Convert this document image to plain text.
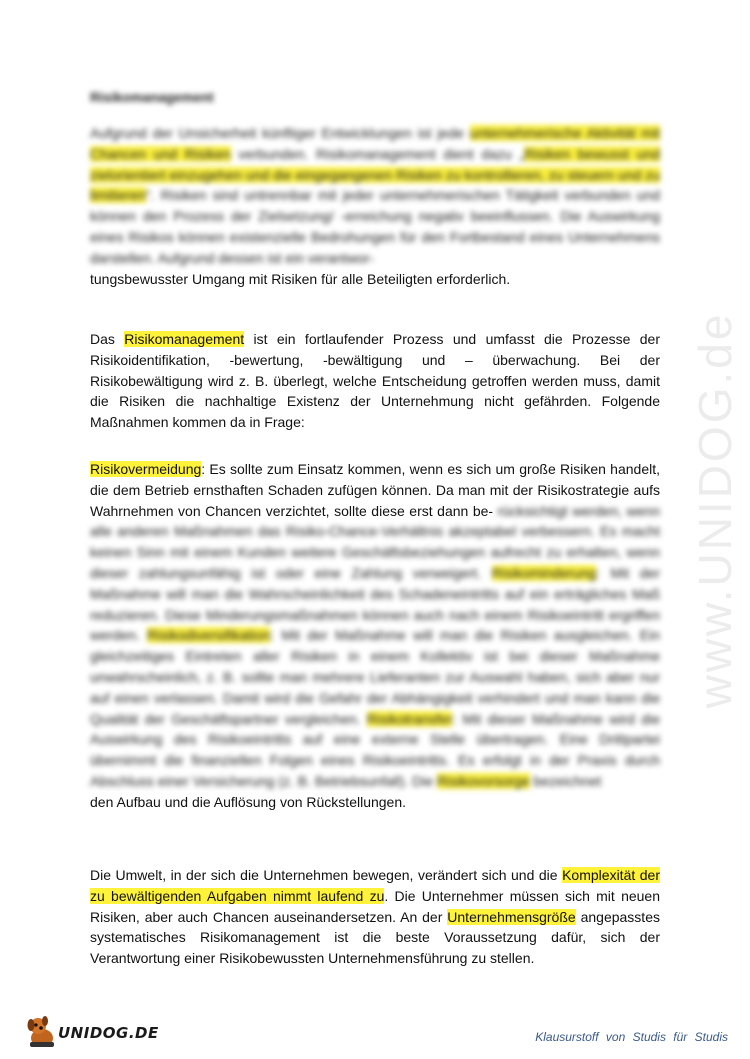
www.UNIDOG.de
Risikomanagement

Aufgrund der Unsicherheit künftiger Entwicklungen ist jede unternehmerische Aktivität mit Chancen und Risiken verbunden. Risikomanagement dient dazu „Risiken bewusst und zielorientiert einzugehen und die eingegangenen Risiken zu kontrollieren, zu steuern und zu limitieren“. Risiken sind untrennbar mit jeder unternehmerischen Tätigkeit verbunden und können den Prozess der Zielsetzung/ -erreichung negativ beeinflussen. Die Auswirkung eines Risikos können existenzielle Bedrohungen für den Fortbestand eines Unternehmens darstellen. Aufgrund dessen ist ein verantwor-
tungsbewusster Umgang mit Risiken für alle Beteiligten erforderlich.

Das Risikomanagement ist ein fortlaufender Prozess und umfasst die Prozesse der Risikoidentifikation, -bewertung, -bewältigung und – überwachung. Bei der Risikobewältigung wird z. B. überlegt, welche Entscheidung getroffen werden muss, damit die Risiken die nachhaltige Existenz der Unternehmung nicht gefährden. Folgende Maßnahmen kommen da in Frage:

Risikovermeidung: Es sollte zum Einsatz kommen, wenn es sich um große Risiken handelt, die dem Betrieb ernsthaften Schaden zufügen können. Da man mit der Risikostrategie aufs Wahrnehmen von Chancen verzichtet, sollte diese erst dann be- rücksichtigt werden, wenn alle anderen Maßnahmen das Risiko-Chance-Verhältnis akzeptabel verbessern. Es macht keinen Sinn mit einem Kunden weitere Geschäftsbeziehungen aufrecht zu erhalten, wenn dieser zahlungsunfähig ist oder eine Zahlung verweigert. Risikominderung: Mit der Maßnahme will man die Wahrscheinlichkeit des Schadeneintritts auf ein erträgliches Maß reduzieren. Diese Minderungsmaßnahmen können auch nach einem Risikoeintritt ergriffen werden. Risikodiversifikation: Mit der Maßnahme will man die Risiken ausgleichen. Ein gleichzeitiges Eintreten aller Risiken in einem Kollektiv ist bei dieser Maßnahme unwahrscheinlich, z. B. sollte man mehrere Lieferanten zur Auswahl haben, sich aber nur auf einen verlassen. Damit wird die Gefahr der Abhängigkeit verhindert und man kann die Qualität der Geschäftspartner vergleichen. Risikotransfer: Mit dieser Maßnahme wird die Auswirkung des Risikoeintritts auf eine externe Stelle übertragen. Eine Drittpartei übernimmt die finanziellen Folgen eines Risikoeintritts. Es erfolgt in der Praxis durch Abschluss einer Versicherung (z. B. Betriebsunfall). Die Risikovorsorge bezeichnet
den Aufbau und die Auflösung von Rückstellungen.

Die Umwelt, in der sich die Unternehmen bewegen, verändert sich und die Komplexität der zu bewältigenden Aufgaben nimmt laufend zu. Die Unternehmer müssen sich mit neuen Risiken, aber auch Chancen auseinandersetzen. An der Unternehmensgröße angepasstes systematisches Risikomanagement ist die beste Voraussetzung dafür, sich der Verantwortung einer Risikobewussten Unternehmensführung zu stellen.

UNIDOG.DE	Klausurstoff von Studis für Studis
